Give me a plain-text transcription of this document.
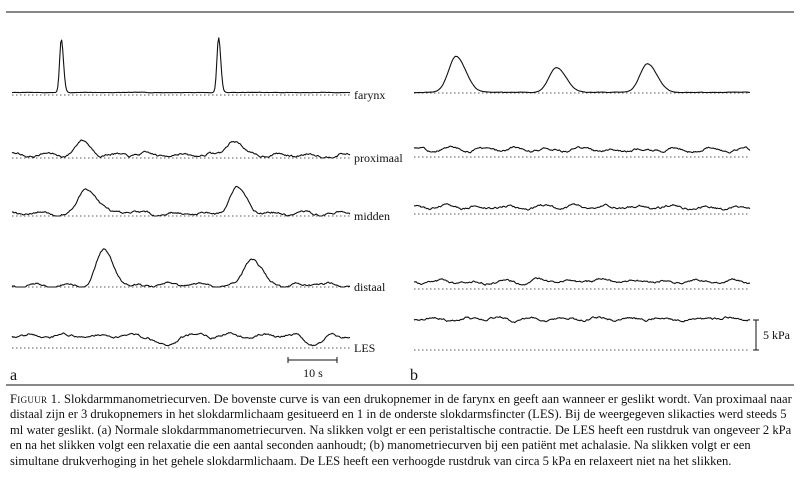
farynx
proximaal
midden
distaal
LES
a	b
10 s
5 kPa

Figuur 1. Slokdarmmanometriecurven. De bovenste curve is van een drukopnemer in de farynx en geeft aan wanneer er geslikt wordt. Van proximaal naar distaal zijn er 3 drukopnemers in het slokdarmlichaam gesitueerd en 1 in de onderste slokdarmsfincter (LES). Bij de weergegeven slikacties werd steeds 5 ml water geslikt. (a) Normale slokdarmmanometriecurven. Na slikken volgt er een peristaltische contractie. De LES heeft een rustdruk van ongeveer 2 kPa en na het slikken volgt een relaxatie die een aantal seconden aanhoudt; (b) manometriecurven bij een patiënt met achalasie. Na slikken volgt er een simultane drukverhoging in het gehele slokdarmlichaam. De LES heeft een verhoogde rustdruk van circa 5 kPa en relaxeert niet na het slikken.
